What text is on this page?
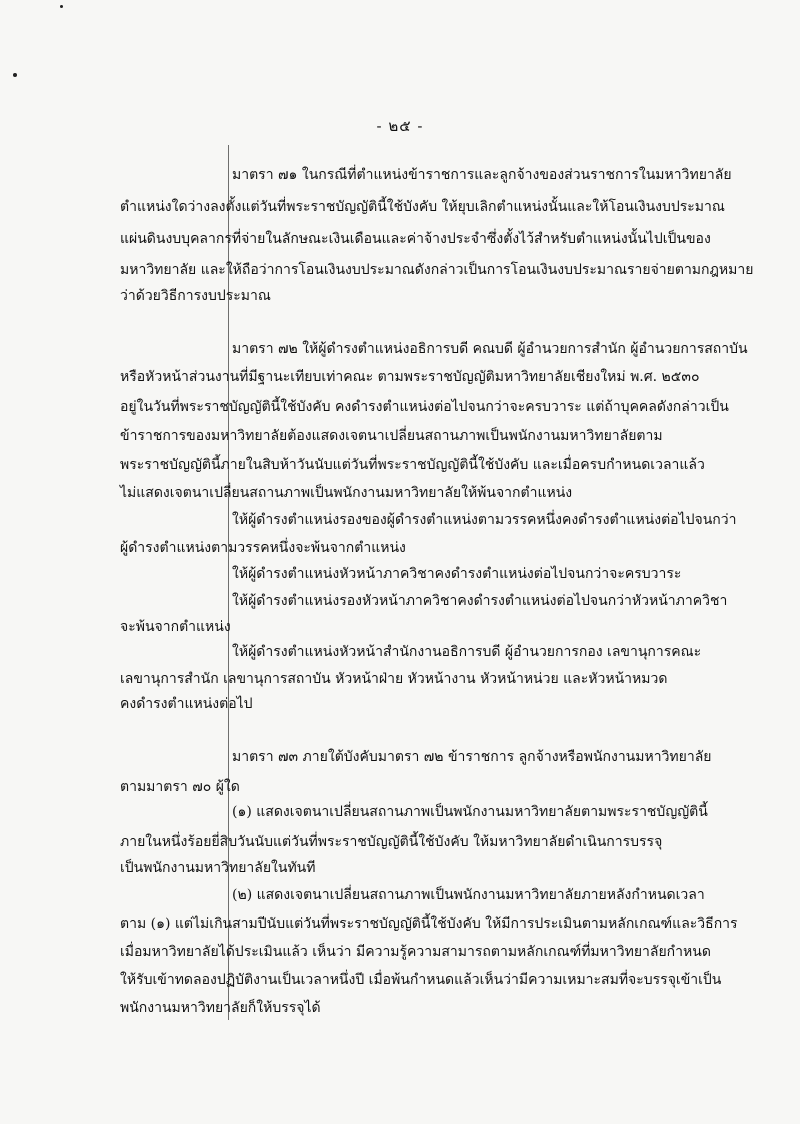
- ๒๕ -
มาตรา ๗๑ ในกรณีที่ตำแหน่งข้าราชการและลูกจ้างของส่วนราชการในมหาวิทยาลัย
ตำแหน่งใดว่างลงตั้งแต่วันที่พระราชบัญญัตินี้ใช้บังคับ ให้ยุบเลิกตำแหน่งนั้นและให้โอนเงินงบประมาณ
แผ่นดินงบบุคลากรที่จ่ายในลักษณะเงินเดือนและค่าจ้างประจำซึ่งตั้งไว้สำหรับตำแหน่งนั้นไปเป็นของ
มหาวิทยาลัย และให้ถือว่าการโอนเงินงบประมาณดังกล่าวเป็นการโอนเงินงบประมาณรายจ่ายตามกฎหมาย
ว่าด้วยวิธีการงบประมาณ
มาตรา ๗๒ ให้ผู้ดำรงตำแหน่งอธิการบดี คณบดี ผู้อำนวยการสำนัก ผู้อำนวยการสถาบัน
หรือหัวหน้าส่วนงานที่มีฐานะเทียบเท่าคณะ ตามพระราชบัญญัติมหาวิทยาลัยเชียงใหม่ พ.ศ. ๒๕๓๐
อยู่ในวันที่พระราชบัญญัตินี้ใช้บังคับ คงดำรงตำแหน่งต่อไปจนกว่าจะครบวาระ แต่ถ้าบุคคลดังกล่าวเป็น
ข้าราชการของมหาวิทยาลัยต้องแสดงเจตนาเปลี่ยนสถานภาพเป็นพนักงานมหาวิทยาลัยตาม
พระราชบัญญัตินี้ภายในสิบห้าวันนับแต่วันที่พระราชบัญญัตินี้ใช้บังคับ และเมื่อครบกำหนดเวลาแล้ว
ไม่แสดงเจตนาเปลี่ยนสถานภาพเป็นพนักงานมหาวิทยาลัยให้พ้นจากตำแหน่ง
ให้ผู้ดำรงตำแหน่งรองของผู้ดำรงตำแหน่งตามวรรคหนึ่งคงดำรงตำแหน่งต่อไปจนกว่า
ผู้ดำรงตำแหน่งตามวรรคหนึ่งจะพ้นจากตำแหน่ง
ให้ผู้ดำรงตำแหน่งหัวหน้าภาควิชาคงดำรงตำแหน่งต่อไปจนกว่าจะครบวาระ
ให้ผู้ดำรงตำแหน่งรองหัวหน้าภาควิชาคงดำรงตำแหน่งต่อไปจนกว่าหัวหน้าภาควิชา
จะพ้นจากตำแหน่ง
ให้ผู้ดำรงตำแหน่งหัวหน้าสำนักงานอธิการบดี ผู้อำนวยการกอง เลขานุการคณะ
เลขานุการสำนัก เลขานุการสถาบัน หัวหน้าฝ่าย หัวหน้างาน หัวหน้าหน่วย และหัวหน้าหมวด
คงดำรงตำแหน่งต่อไป
มาตรา ๗๓ ภายใต้บังคับมาตรา ๗๒ ข้าราชการ ลูกจ้างหรือพนักงานมหาวิทยาลัย
ตามมาตรา ๗๐ ผู้ใด
(๑) แสดงเจตนาเปลี่ยนสถานภาพเป็นพนักงานมหาวิทยาลัยตามพระราชบัญญัตินี้
ภายในหนึ่งร้อยยี่สิบวันนับแต่วันที่พระราชบัญญัตินี้ใช้บังคับ ให้มหาวิทยาลัยดำเนินการบรรจุ
เป็นพนักงานมหาวิทยาลัยในทันที
(๒) แสดงเจตนาเปลี่ยนสถานภาพเป็นพนักงานมหาวิทยาลัยภายหลังกำหนดเวลา
ตาม (๑) แต่ไม่เกินสามปีนับแต่วันที่พระราชบัญญัตินี้ใช้บังคับ ให้มีการประเมินตามหลักเกณฑ์และวิธีการ
เมื่อมหาวิทยาลัยได้ประเมินแล้ว เห็นว่า มีความรู้ความสามารถตามหลักเกณฑ์ที่มหาวิทยาลัยกำหนด
ให้รับเข้าทดลองปฏิบัติงานเป็นเวลาหนึ่งปี เมื่อพ้นกำหนดแล้วเห็นว่ามีความเหมาะสมที่จะบรรจุเข้าเป็น
พนักงานมหาวิทยาลัยก็ให้บรรจุได้
